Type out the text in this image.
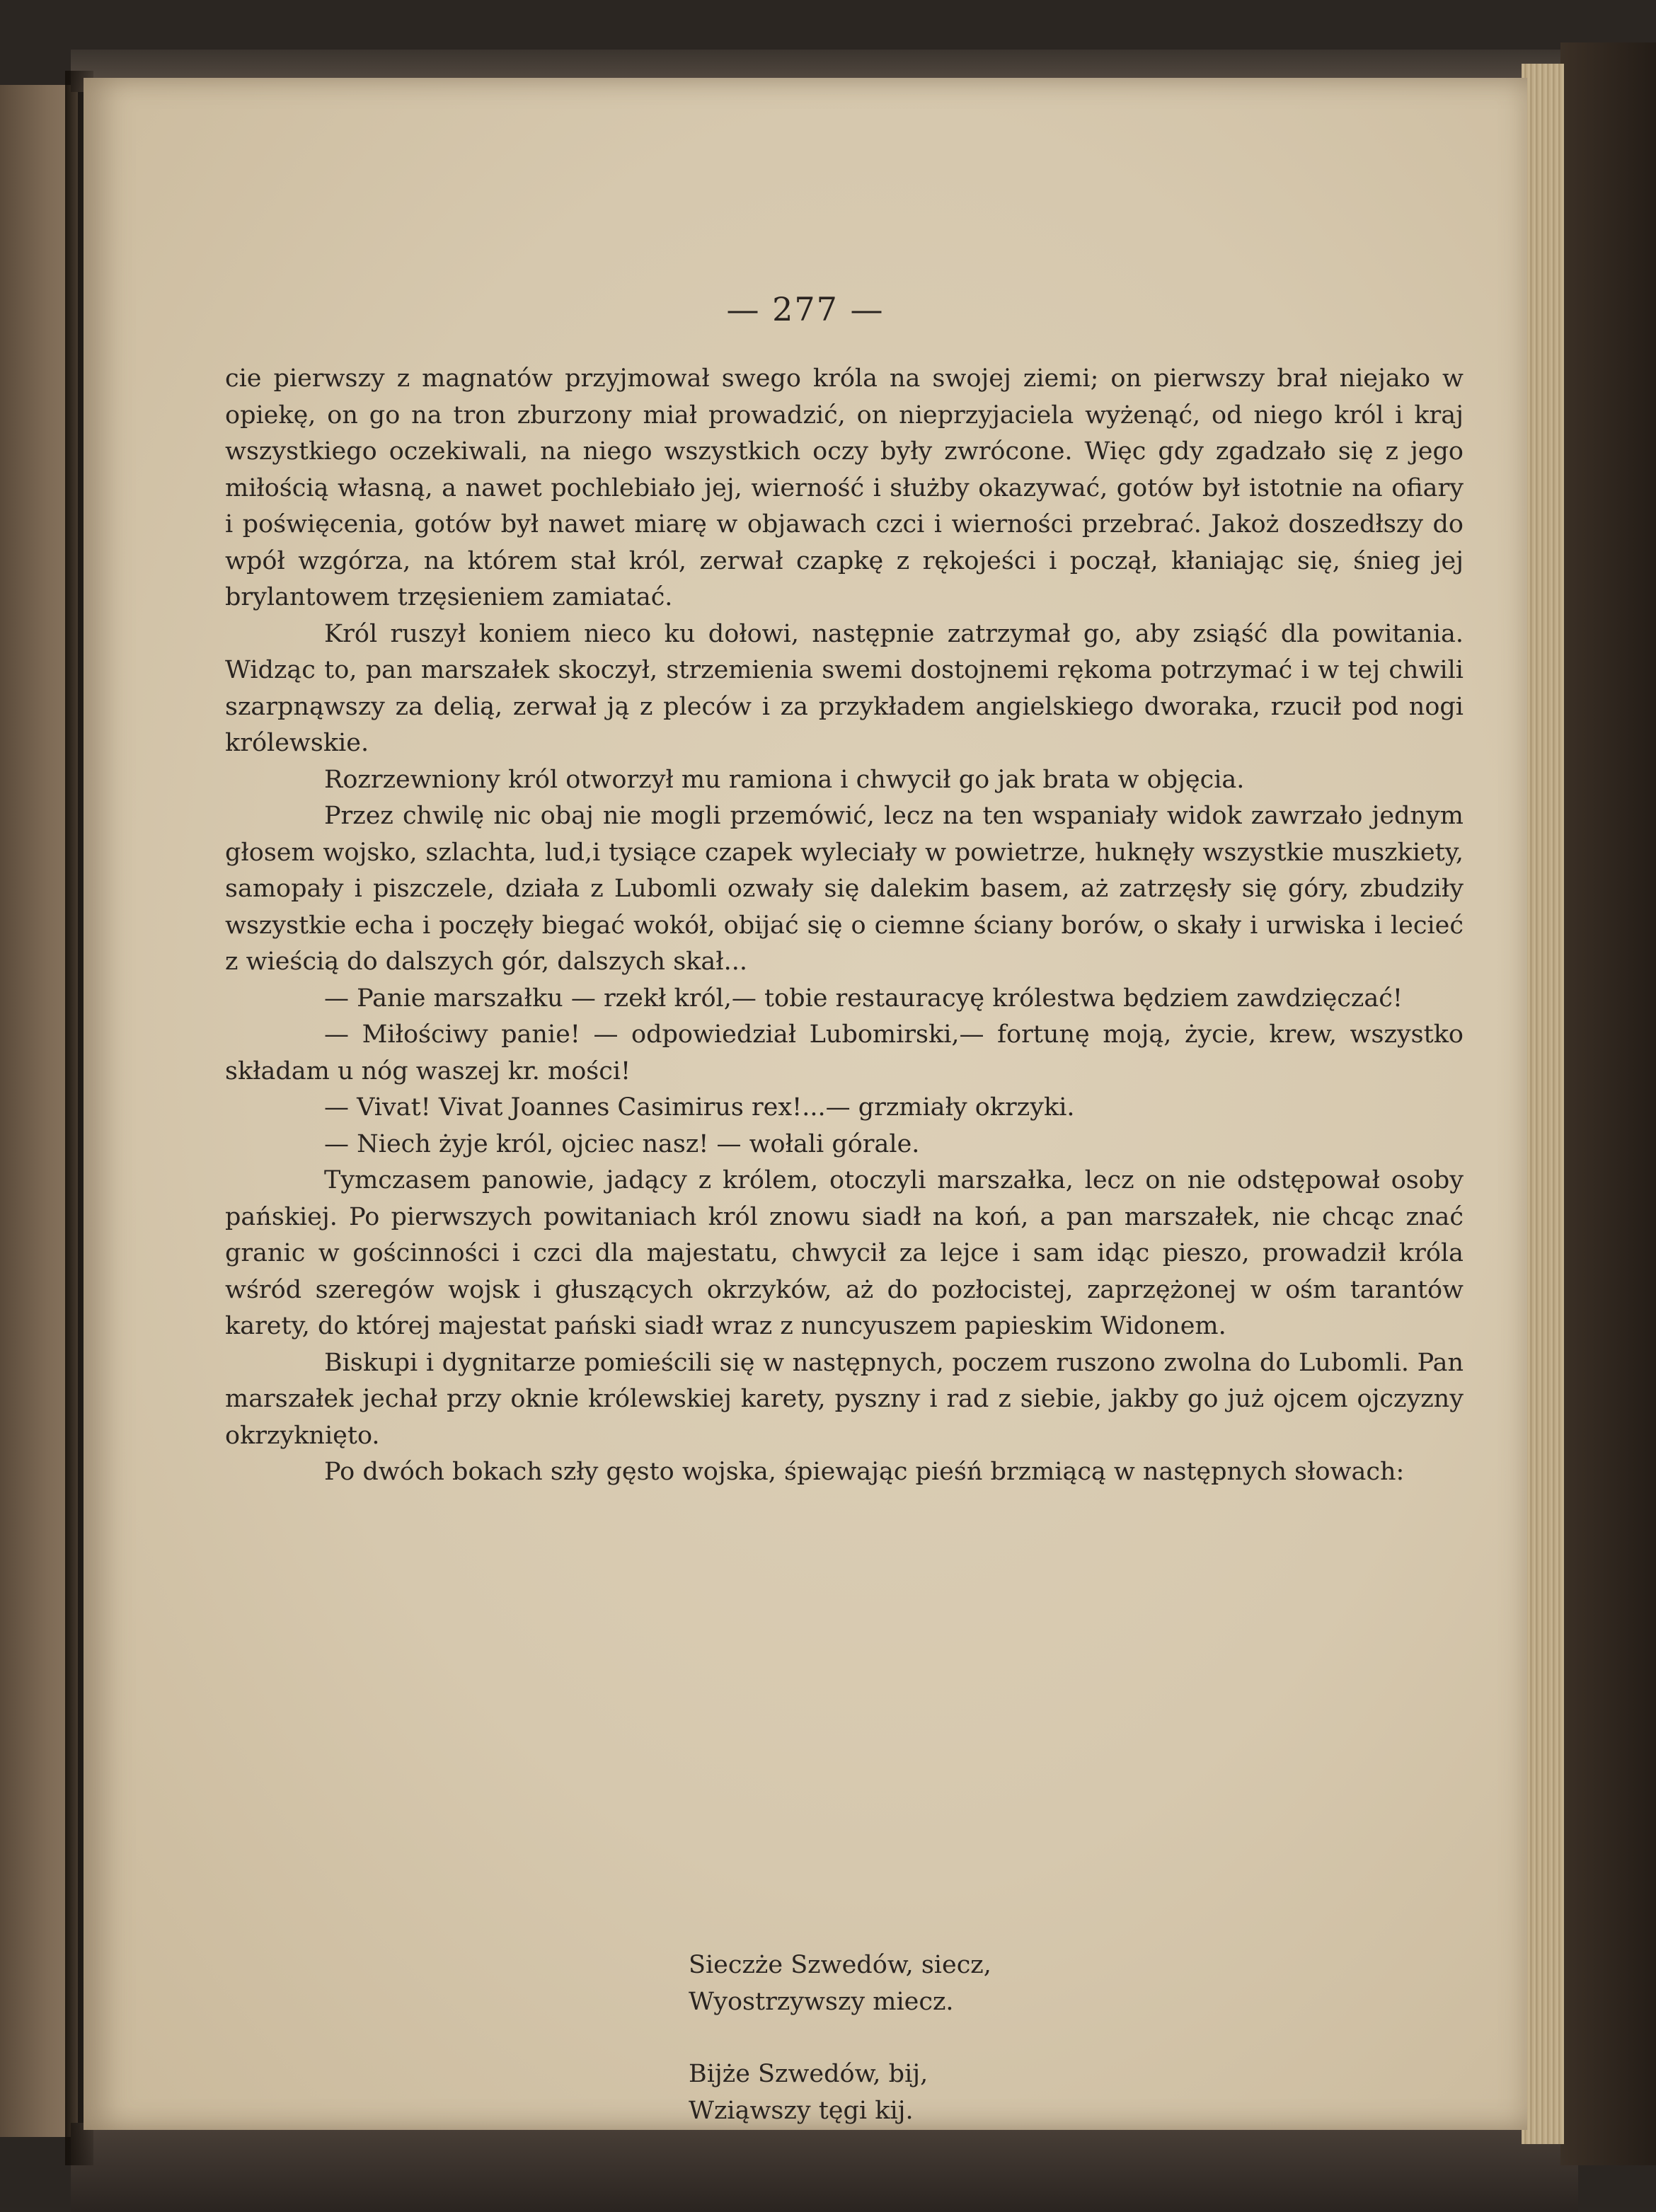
— 277 —

cie pierwszy z magnatów przyjmował swego króla na swojej ziemi; on pierwszy brał niejako w opiekę, on go na tron zburzony miał prowadzić, on nieprzyjaciela wyżenąć, od niego król i kraj wszystkiego oczekiwali, na niego wszystkich oczy były zwrócone. Więc gdy zgadzało się z jego miłością własną, a nawet pochlebiało jej, wierność i służby okazywać, gotów był istotnie na ofiary i poświęcenia, gotów był nawet miarę w objawach czci i wierności przebrać. Jakoż doszedłszy do wpół wzgórza, na którem stał król, zerwał czapkę z rękojeści i począł, kłaniając się, śnieg jej brylantowem trzęsieniem zamiatać.

Król ruszył koniem nieco ku dołowi, następnie zatrzymał go, aby zsiąść dla powitania. Widząc to, pan marszałek skoczył, strzemienia swemi dostojnemi rękoma potrzymać i w tej chwili szarpnąwszy za delią, zerwał ją z pleców i za przykładem angielskiego dworaka, rzucił pod nogi królewskie.

Rozrzewniony król otworzył mu ramiona i chwycił go jak brata w objęcia.

Przez chwilę nic obaj nie mogli przemówić, lecz na ten wspaniały widok zawrzało jednym głosem wojsko, szlachta, lud,i tysiące czapek wyleciały w powietrze, huknęły wszystkie muszkiety, samopały i piszczele, działa z Lubomli ozwały się dalekim basem, aż zatrzęsły się góry, zbudziły wszystkie echa i poczęły biegać wokół, obijać się o ciemne ściany borów, o skały i urwiska i lecieć z wieścią do dalszych gór, dalszych skał...

— Panie marszałku — rzekł król,— tobie restauracyę królestwa będziem zawdzięczać!

— Miłościwy panie! — odpowiedział Lubomirski,— fortunę moją, życie, krew, wszystko składam u nóg waszej kr. mości!

— Vivat! Vivat Joannes Casimirus rex!...— grzmiały okrzyki.

— Niech żyje król, ojciec nasz! — wołali górale.

Tymczasem panowie, jadący z królem, otoczyli marszałka, lecz on nie odstępował osoby pańskiej. Po pierwszych powitaniach król znowu siadł na koń, a pan marszałek, nie chcąc znać granic w gościnności i czci dla majestatu, chwycił za lejce i sam idąc pieszo, prowadził króla wśród szeregów wojsk i głuszących okrzyków, aż do pozłocistej, zaprzężonej w ośm tarantów karety, do której majestat pański siadł wraz z nuncyuszem papieskim Widonem.

Biskupi i dygnitarze pomieścili się w następnych, poczem ruszono zwolna do Lubomli. Pan marszałek jechał przy oknie królewskiej karety, pyszny i rad z siebie, jakby go już ojcem ojczyzny okrzyknięto.

Po dwóch bokach szły gęsto wojska, śpiewając pieśń brzmiącą w następnych słowach:

Sieczże Szwedów, siecz,
Wyostrzywszy miecz.
Bijże Szwedów, bij,
Wziąwszy tęgi kij.
